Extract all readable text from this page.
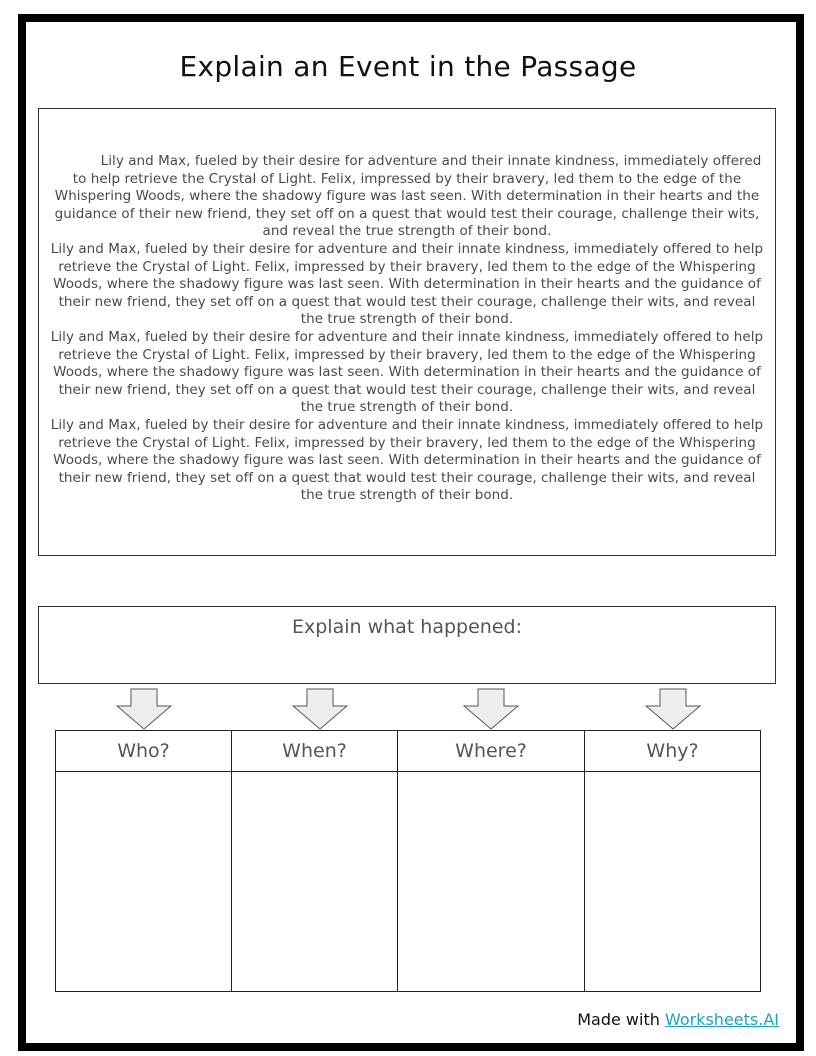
Explain an Event in the Passage

Lily and Max, fueled by their desire for adventure and their innate kindness, immediately offered to help retrieve the Crystal of Light. Felix, impressed by their bravery, led them to the edge of the Whispering Woods, where the shadowy figure was last seen. With determination in their hearts and the guidance of their new friend, they set off on a quest that would test their courage, challenge their wits, and reveal the true strength of their bond.

Lily and Max, fueled by their desire for adventure and their innate kindness, immediately offered to help retrieve the Crystal of Light. Felix, impressed by their bravery, led them to the edge of the Whispering Woods, where the shadowy figure was last seen. With determination in their hearts and the guidance of their new friend, they set off on a quest that would test their courage, challenge their wits, and reveal the true strength of their bond.

Lily and Max, fueled by their desire for adventure and their innate kindness, immediately offered to help retrieve the Crystal of Light. Felix, impressed by their bravery, led them to the edge of the Whispering Woods, where the shadowy figure was last seen. With determination in their hearts and the guidance of their new friend, they set off on a quest that would test their courage, challenge their wits, and reveal the true strength of their bond.

Lily and Max, fueled by their desire for adventure and their innate kindness, immediately offered to help retrieve the Crystal of Light. Felix, impressed by their bravery, led them to the edge of the Whispering Woods, where the shadowy figure was last seen. With determination in their hearts and the guidance of their new friend, they set off on a quest that would test their courage, challenge their wits, and reveal the true strength of their bond.

Explain what happened:
Who?	When?	Where?	Why?
Made with Worksheets.AI
